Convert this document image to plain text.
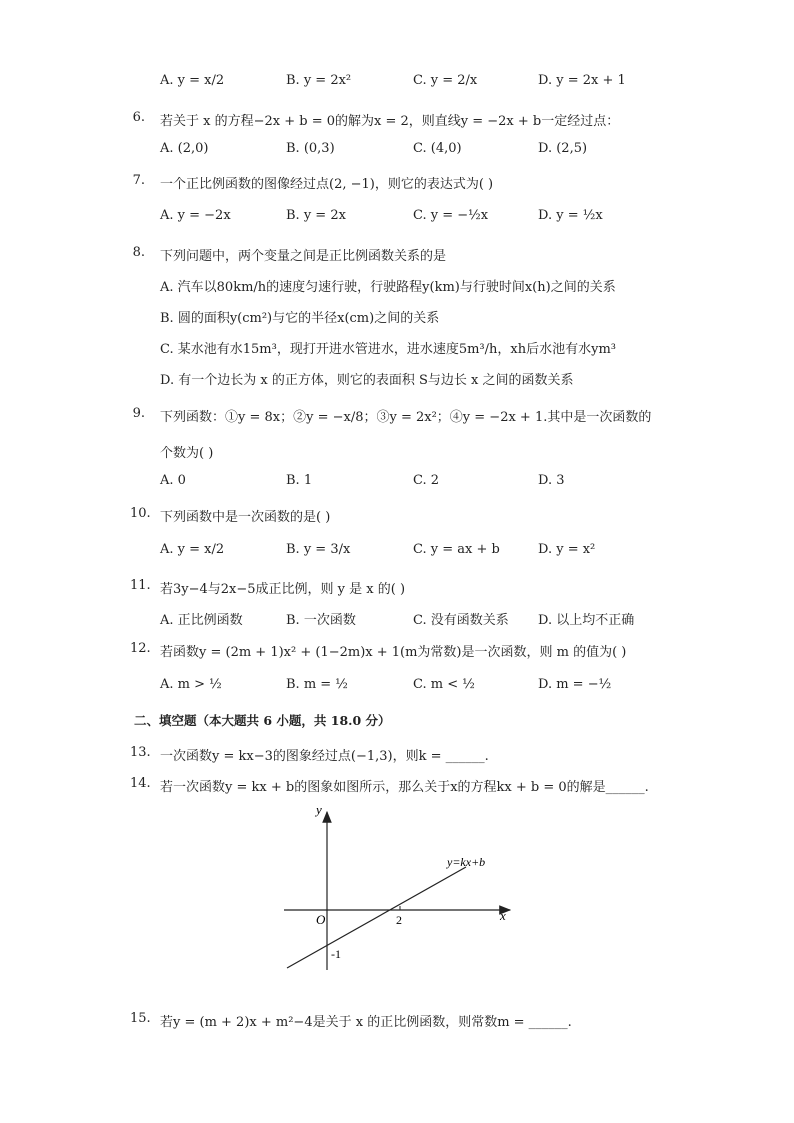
A. y = x/2	B. y = 2x²	C. y = 2/x	D. y = 2x + 1
6. 若关于 x 的方程−2x + b = 0的解为x = 2，则直线y = −2x + b一定经过点：
A. (2,0)	B. (0,3)	C. (4,0)	D. (2,5)
7. 一个正比例函数的图像经过点(2, −1)，则它的表达式为( )
A. y = −2x	B. y = 2x	C. y = −½x	D. y = ½x
8. 下列问题中，两个变量之间是正比例函数关系的是
A. 汽车以80km/h的速度匀速行驶，行驶路程y(km)与行驶时间x(h)之间的关系
B. 圆的面积y(cm²)与它的半径x(cm)之间的关系
C. 某水池有水15m³，现打开进水管进水，进水速度5m³/h，xh后水池有水ym³
D. 有一个边长为 x 的正方体，则它的表面积 S与边长 x 之间的函数关系
9. 下列函数：①y = 8x；②y = −x/8；③y = 2x²；④y = −2x + 1.其中是一次函数的
个数为( )
A. 0	B. 1	C. 2	D. 3
10. 下列函数中是一次函数的是( )
A. y = x/2	B. y = 3/x	C. y = ax + b	D. y = x²
11. 若3y−4与2x−5成正比例，则 y 是 x 的( )
A. 正比例函数	B. 一次函数	C. 没有函数关系 D. 以上均不正确
12. 若函数y = (2m + 1)x² + (1−2m)x + 1(m为常数)是一次函数，则 m 的值为( )
A. m > ½	B. m = ½	C. m < ½	D. m = −½
二、填空题（本大题共 6 小题，共 18.0 分）
13. 一次函数y = kx−3的图象经过点(−1,3)，则k = ______.
14. 若一次函数y = kx + b的图象如图所示，那么关于x的方程kx + b = 0的解是______.
y
x
O	2
-1
y=kx+b
15. 若y = (m + 2)x + m²−4是关于 x 的正比例函数，则常数m = ______.
